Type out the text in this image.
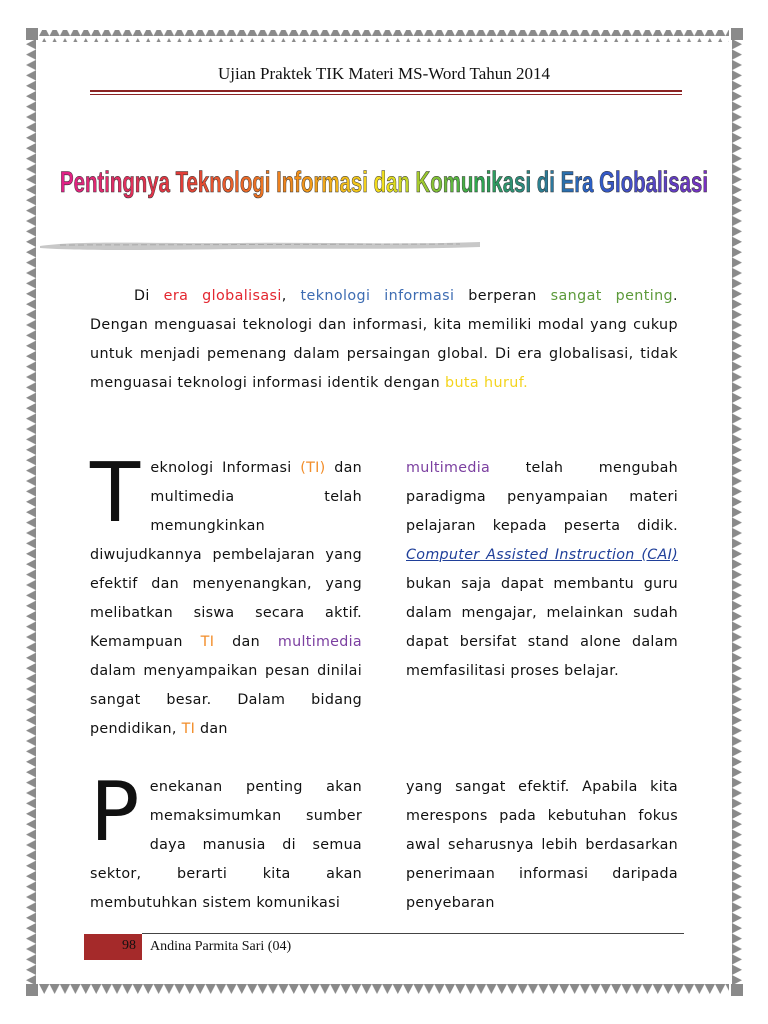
Ujian Praktek TIK Materi MS-Word Tahun 2014
Pentingnya Teknologi Informasi dan Komunikasi di Era Globalisasi
Di era globalisasi, teknologi informasi berperan sangat penting. Dengan menguasai teknologi dan informasi, kita memiliki modal yang cukup untuk menjadi pemenang dalam persaingan global. Di era globalisasi, tidak menguasai teknologi informasi identik dengan buta huruf.
Teknologi Informasi (TI) dan multimedia telah memungkinkan diwujudkannya pembelajaran yang efektif dan menyenangkan, yang melibatkan siswa secara aktif. Kemampuan TI dan multimedia dalam menyampaikan pesan dinilai sangat besar. Dalam bidang pendidikan, TI dan
multimedia telah mengubah paradigma penyampaian materi pelajaran kepada peserta didik. Computer Assisted Instruction (CAI) bukan saja dapat membantu guru dalam mengajar, melainkan sudah dapat bersifat stand alone dalam memfasilitasi proses belajar.
Penekanan penting akan memaksimumkan sumber daya manusia di semua sektor, berarti kita akan membutuhkan sistem komunikasi
yang sangat efektif. Apabila kita merespons pada kebutuhan fokus awal seharusnya lebih berdasarkan penerimaan informasi daripada penyebaran
98	Andina Parmita Sari (04)
